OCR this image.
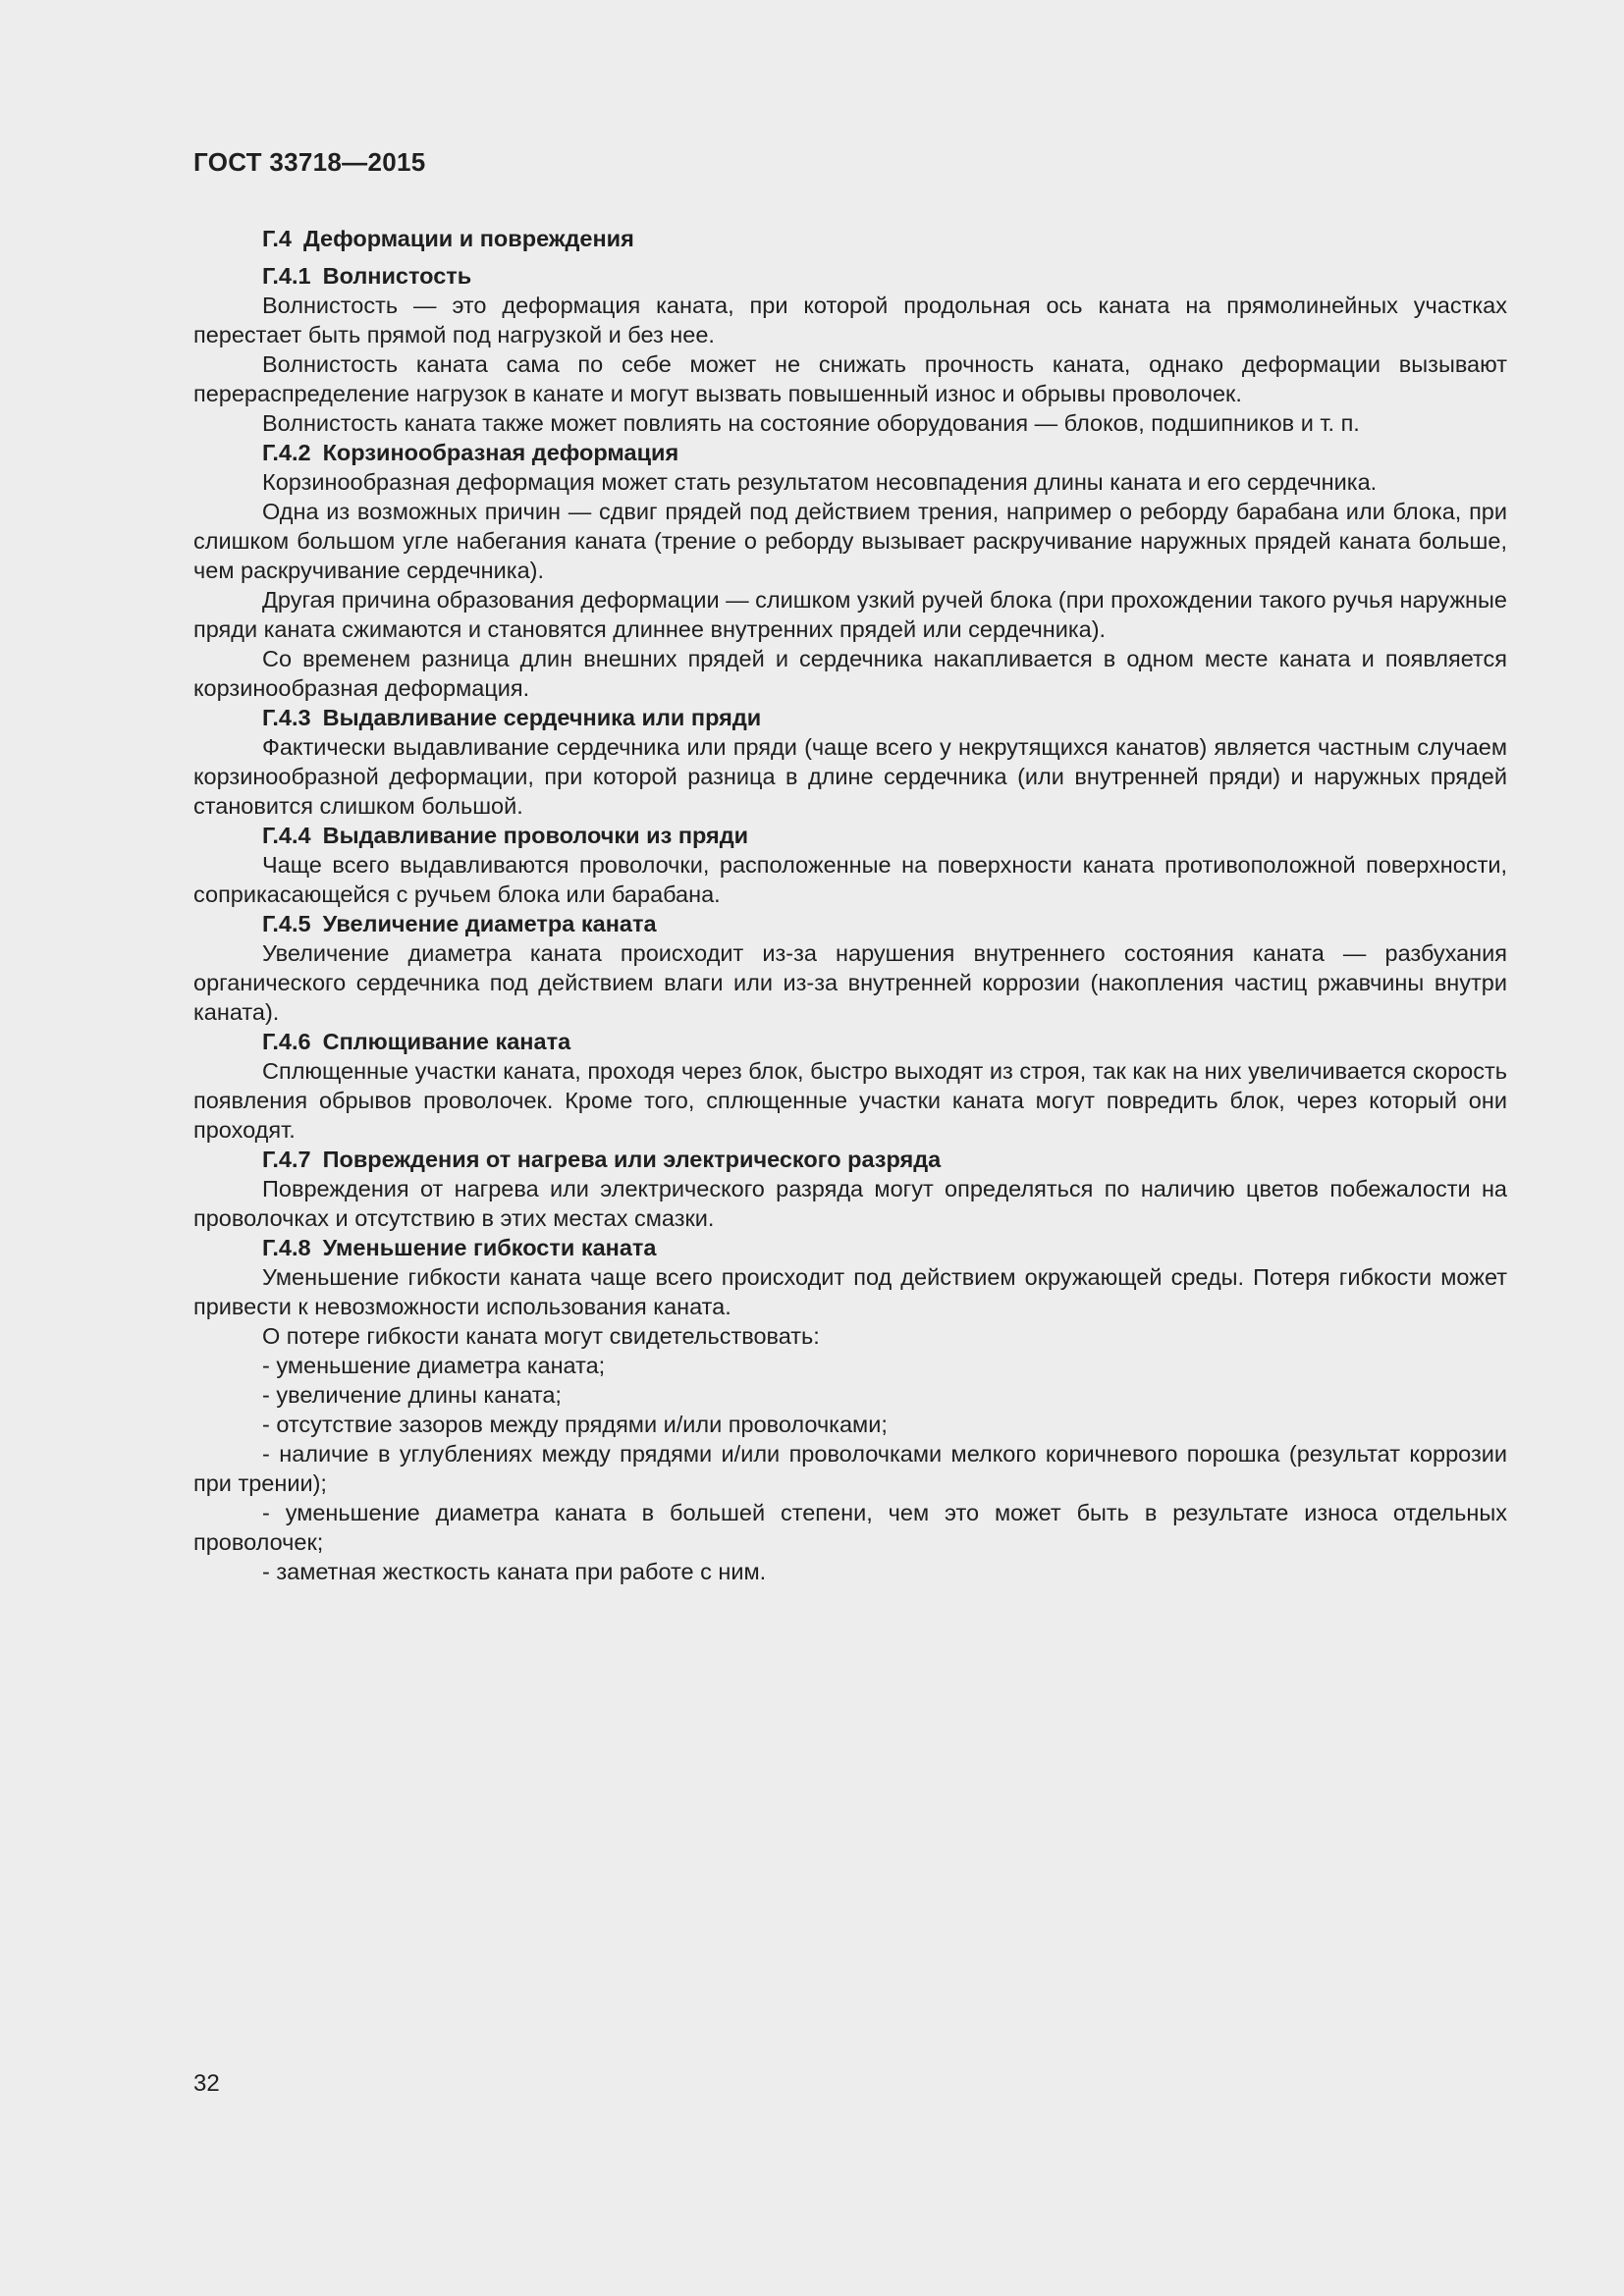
ГОСТ 33718—2015
Г.4 Деформации и повреждения
Г.4.1 Волнистость

Волнистость — это деформация каната, при которой продольная ось каната на прямолинейных участках перестает быть прямой под нагрузкой и без нее.

Волнистость каната сама по себе может не снижать прочность каната, однако деформации вызывают перераспределение нагрузок в канате и могут вызвать повышенный износ и обрывы проволочек.

Волнистость каната также может повлиять на состояние оборудования — блоков, подшипников и т. п.

Г.4.2 Корзинообразная деформация

Корзинообразная деформация может стать результатом несовпадения длины каната и его сердечника.

Одна из возможных причин — сдвиг прядей под действием трения, например о реборду барабана или блока, при слишком большом угле набегания каната (трение о реборду вызывает раскручивание наружных прядей каната больше, чем раскручивание сердечника).

Другая причина образования деформации — слишком узкий ручей блока (при прохождении такого ручья наружные пряди каната сжимаются и становятся длиннее внутренних прядей или сердечника).

Со временем разница длин внешних прядей и сердечника накапливается в одном месте каната и появляется корзинообразная деформация.

Г.4.3 Выдавливание сердечника или пряди

Фактически выдавливание сердечника или пряди (чаще всего у некрутящихся канатов) является частным случаем корзинообразной деформации, при которой разница в длине сердечника (или внутренней пряди) и наружных прядей становится слишком большой.

Г.4.4 Выдавливание проволочки из пряди

Чаще всего выдавливаются проволочки, расположенные на поверхности каната противоположной поверхности, соприкасающейся с ручьем блока или барабана.

Г.4.5 Увеличение диаметра каната

Увеличение диаметра каната происходит из-за нарушения внутреннего состояния каната — разбухания органического сердечника под действием влаги или из-за внутренней коррозии (накопления частиц ржавчины внутри каната).

Г.4.6 Сплющивание каната

Сплющенные участки каната, проходя через блок, быстро выходят из строя, так как на них увеличивается скорость появления обрывов проволочек. Кроме того, сплющенные участки каната могут повредить блок, через который они проходят.

Г.4.7 Повреждения от нагрева или электрического разряда

Повреждения от нагрева или электрического разряда могут определяться по наличию цветов побежалости на проволочках и отсутствию в этих местах смазки.

Г.4.8 Уменьшение гибкости каната

Уменьшение гибкости каната чаще всего происходит под действием окружающей среды. Потеря гибкости может привести к невозможности использования каната.

О потере гибкости каната могут свидетельствовать:

- уменьшение диаметра каната;

- увеличение длины каната;

- отсутствие зазоров между прядями и/или проволочками;

- наличие в углублениях между прядями и/или проволочками мелкого коричневого порошка (результат коррозии при трении);

- уменьшение диаметра каната в большей степени, чем это может быть в результате износа отдельных проволочек;

- заметная жесткость каната при работе с ним.

32
